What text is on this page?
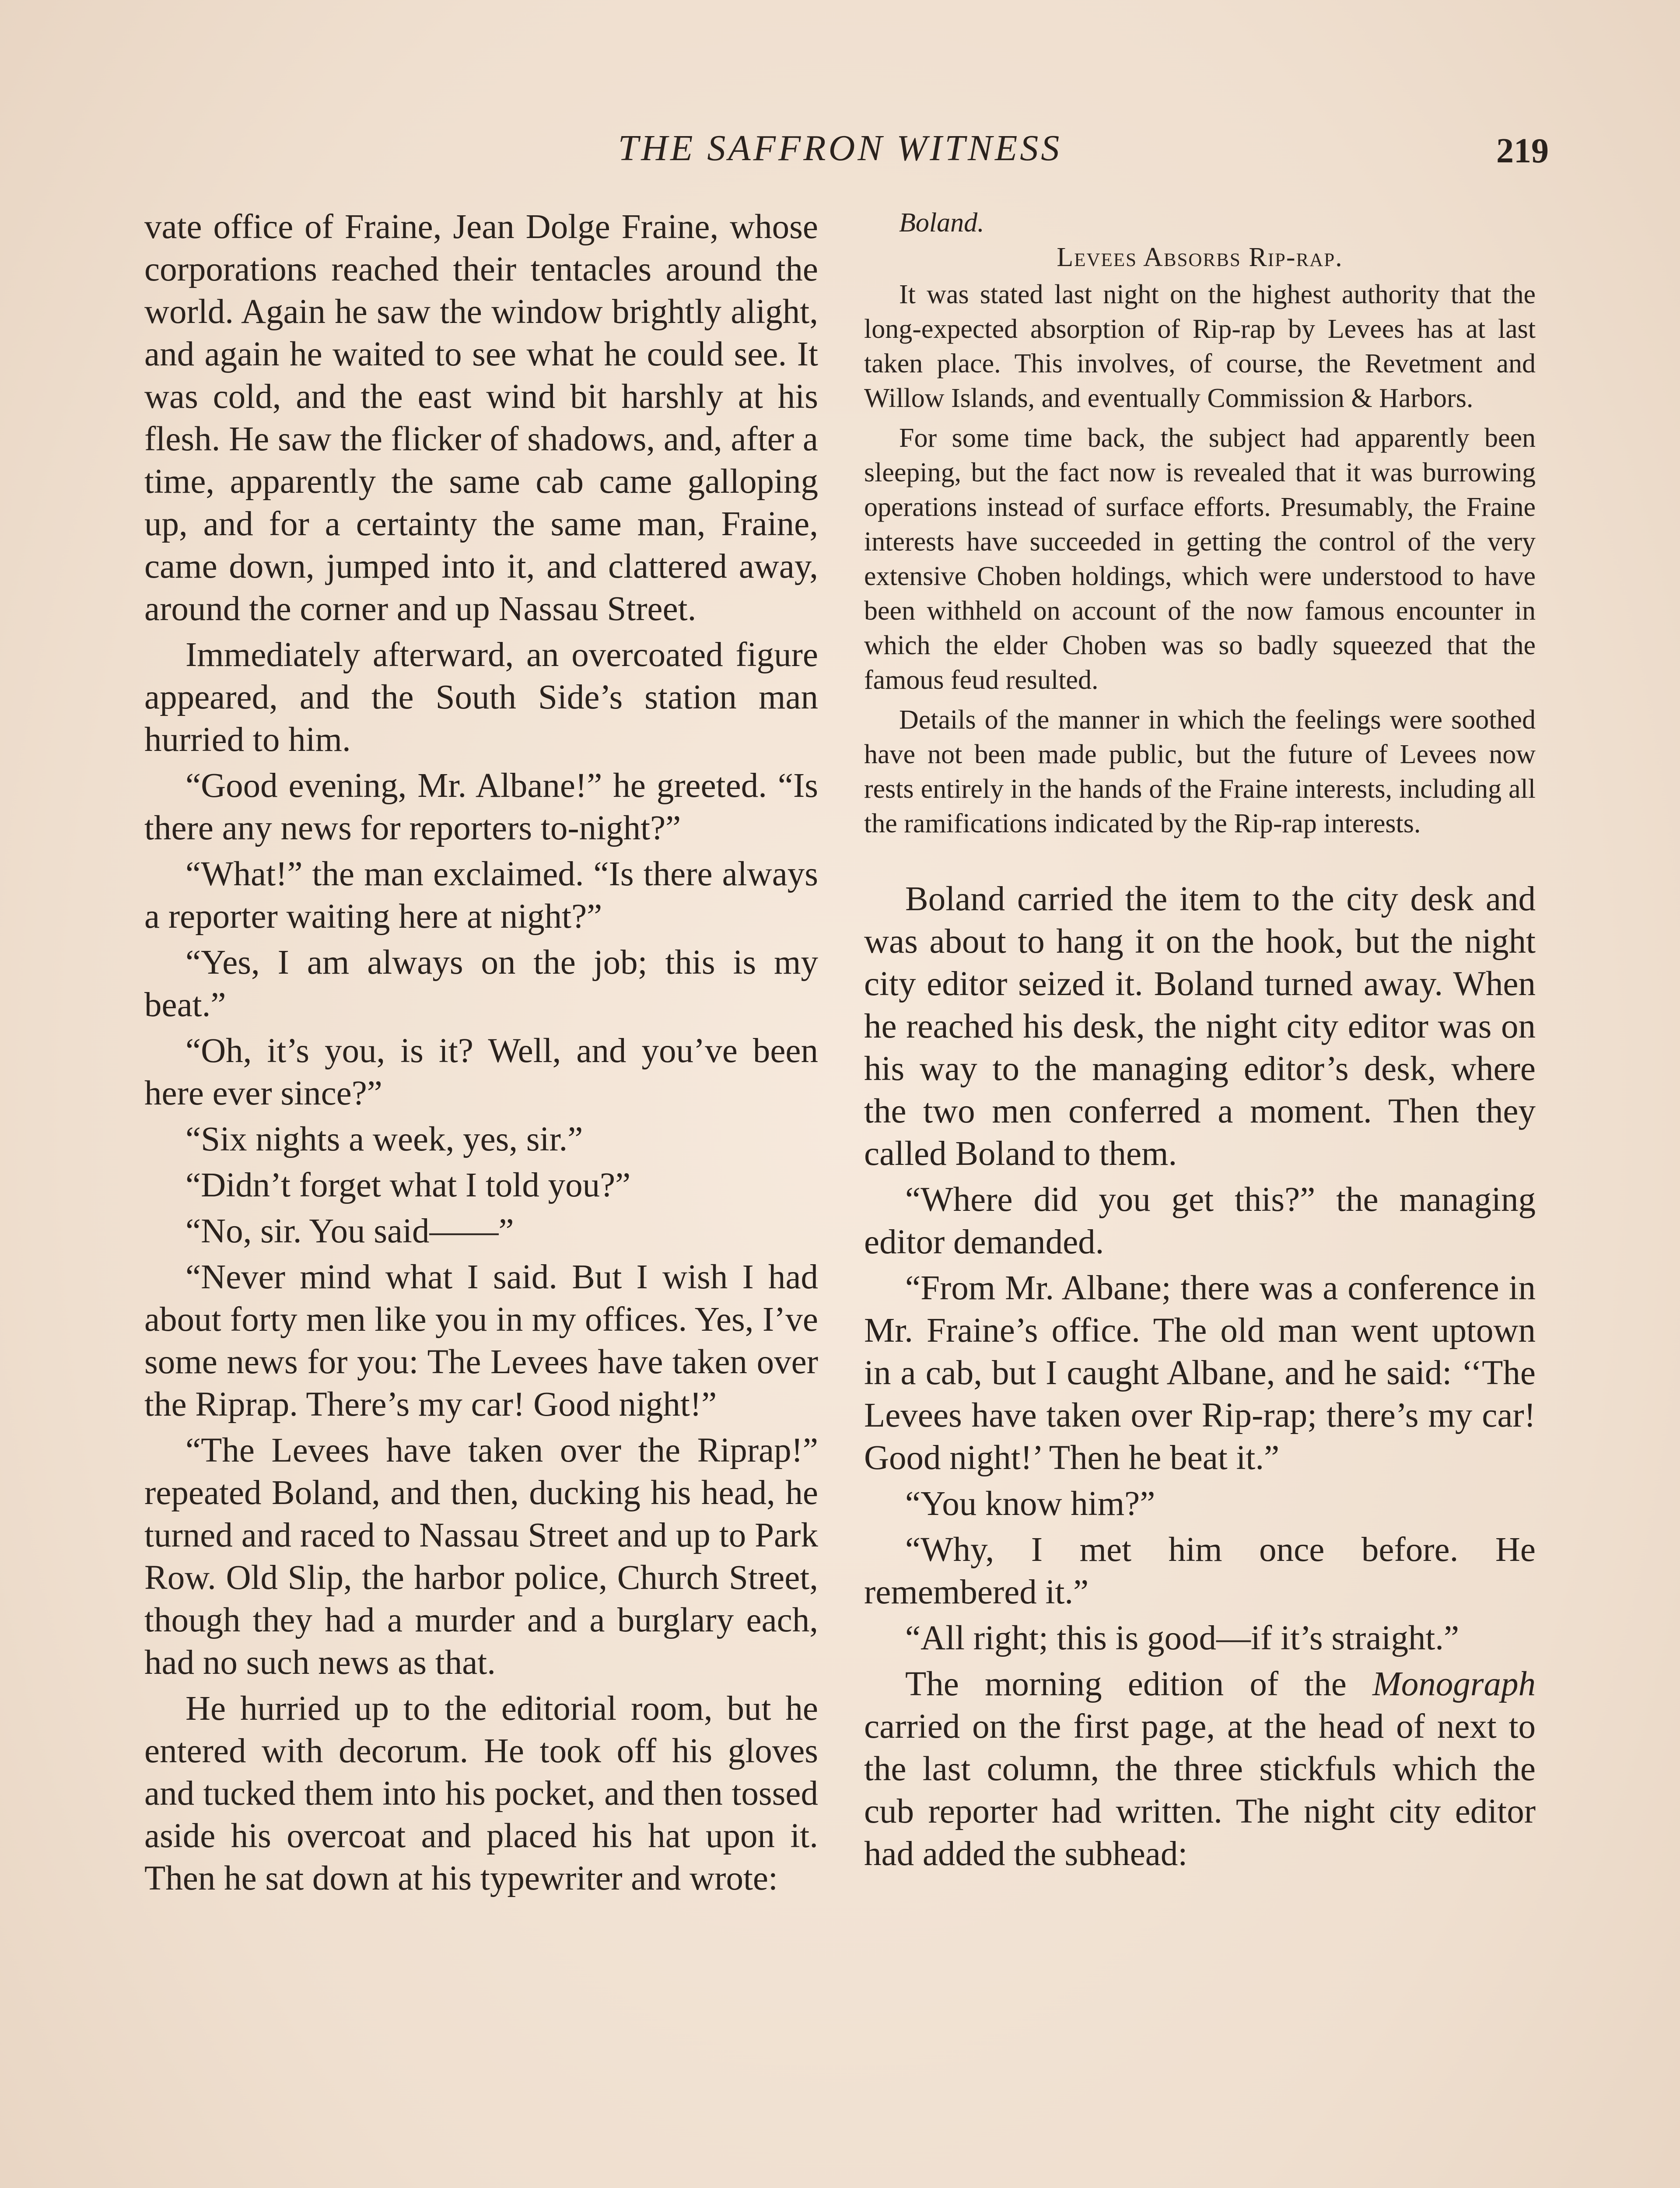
THE SAFFRON WITNESS	219

vate office of Fraine, Jean Dolge Fraine, whose corporations reached their tentacles around the world. Again he saw the window brightly alight, and again he waited to see what he could see. It was cold, and the east wind bit harshly at his flesh. He saw the flicker of shadows, and, after a time, apparently the same cab came galloping up, and for a certainty the same man, Fraine, came down, jumped into it, and clattered away, around the corner and up Nassau Street.

Immediately afterward, an overcoated figure appeared, and the South Side’s station man hurried to him.

“Good evening, Mr. Albane!” he greeted. “Is there any news for reporters to-night?”

“What!” the man exclaimed. “Is there always a reporter waiting here at night?”

“Yes, I am always on the job; this is my beat.”

“Oh, it’s you, is it? Well, and you’ve been here ever since?”

“Six nights a week, yes, sir.”

“Didn’t forget what I told you?”

“No, sir. You said——”

“Never mind what I said. But I wish I had about forty men like you in my offices. Yes, I’ve some news for you: The Levees have taken over the Riprap. There’s my car! Good night!”

“The Levees have taken over the Riprap!” repeated Boland, and then, ducking his head, he turned and raced to Nassau Street and up to Park Row. Old Slip, the harbor police, Church Street, though they had a murder and a burglary each, had no such news as that.

He hurried up to the editorial room, but he entered with decorum. He took off his gloves and tucked them into his pocket, and then tossed aside his overcoat and placed his hat upon it. Then he sat down at his typewriter and wrote:

Boland.

Levees Absorbs Rip-rap.

It was stated last night on the highest authority that the long-expected absorption of Rip-rap by Levees has at last taken place. This involves, of course, the Revetment and Willow Islands, and eventually Commission & Harbors.

For some time back, the subject had apparently been sleeping, but the fact now is revealed that it was burrowing operations instead of surface efforts. Presumably, the Fraine interests have succeeded in getting the control of the very extensive Choben holdings, which were understood to have been withheld on account of the now famous encounter in which the elder Choben was so badly squeezed that the famous feud resulted.

Details of the manner in which the feelings were soothed have not been made public, but the future of Levees now rests entirely in the hands of the Fraine interests, including all the ramifications indicated by the Rip-rap interests.

Boland carried the item to the city desk and was about to hang it on the hook, but the night city editor seized it. Boland turned away. When he reached his desk, the night city editor was on his way to the managing editor’s desk, where the two men conferred a moment. Then they called Boland to them.

“Where did you get this?” the managing editor demanded.

“From Mr. Albane; there was a conference in Mr. Fraine’s office. The old man went uptown in a cab, but I caught Albane, and he said: ‘‘The Levees have taken over Rip-rap; there’s my car! Good night!’ Then he beat it.”

“You know him?”

“Why, I met him once before. He remembered it.”

“All right; this is good—if it’s straight.”

The morning edition of the Monograph carried on the first page, at the head of next to the last column, the three stickfuls which the cub reporter had written. The night city editor had added the subhead:
